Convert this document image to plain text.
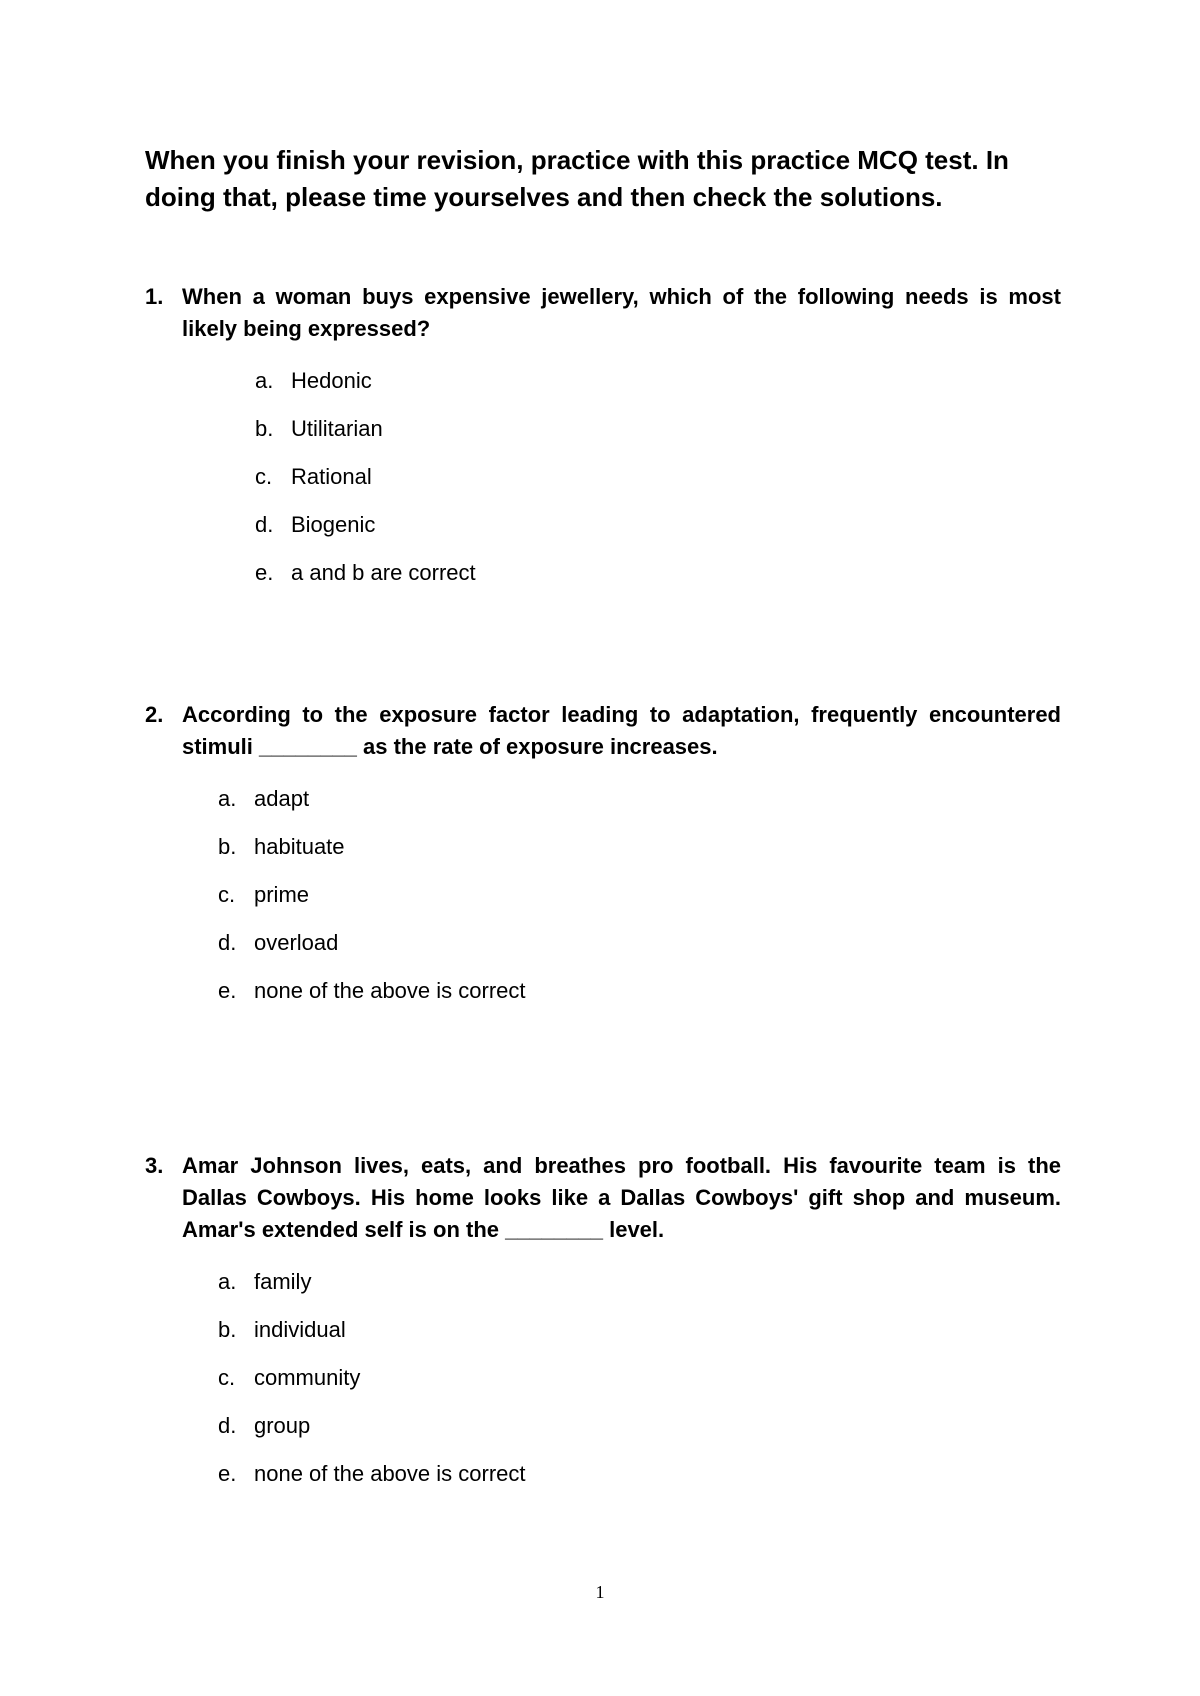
When you finish your revision, practice with this practice MCQ test. In doing that, please time yourselves and then check the solutions.

1. When a woman buys expensive jewellery, which of the following needs is most likely being expressed?

a. Hedonic
b. Utilitarian
c. Rational
d. Biogenic
e. a and b are correct

2. According to the exposure factor leading to adaptation, frequently encountered stimuli ________ as the rate of exposure increases.

a. adapt
b. habituate
c. prime
d. overload
e. none of the above is correct

3. Amar Johnson lives, eats, and breathes pro football. His favourite team is the Dallas Cowboys. His home looks like a Dallas Cowboys' gift shop and museum. Amar's extended self is on the ________ level.

a. family
b. individual
c. community
d. group
e. none of the above is correct
1
